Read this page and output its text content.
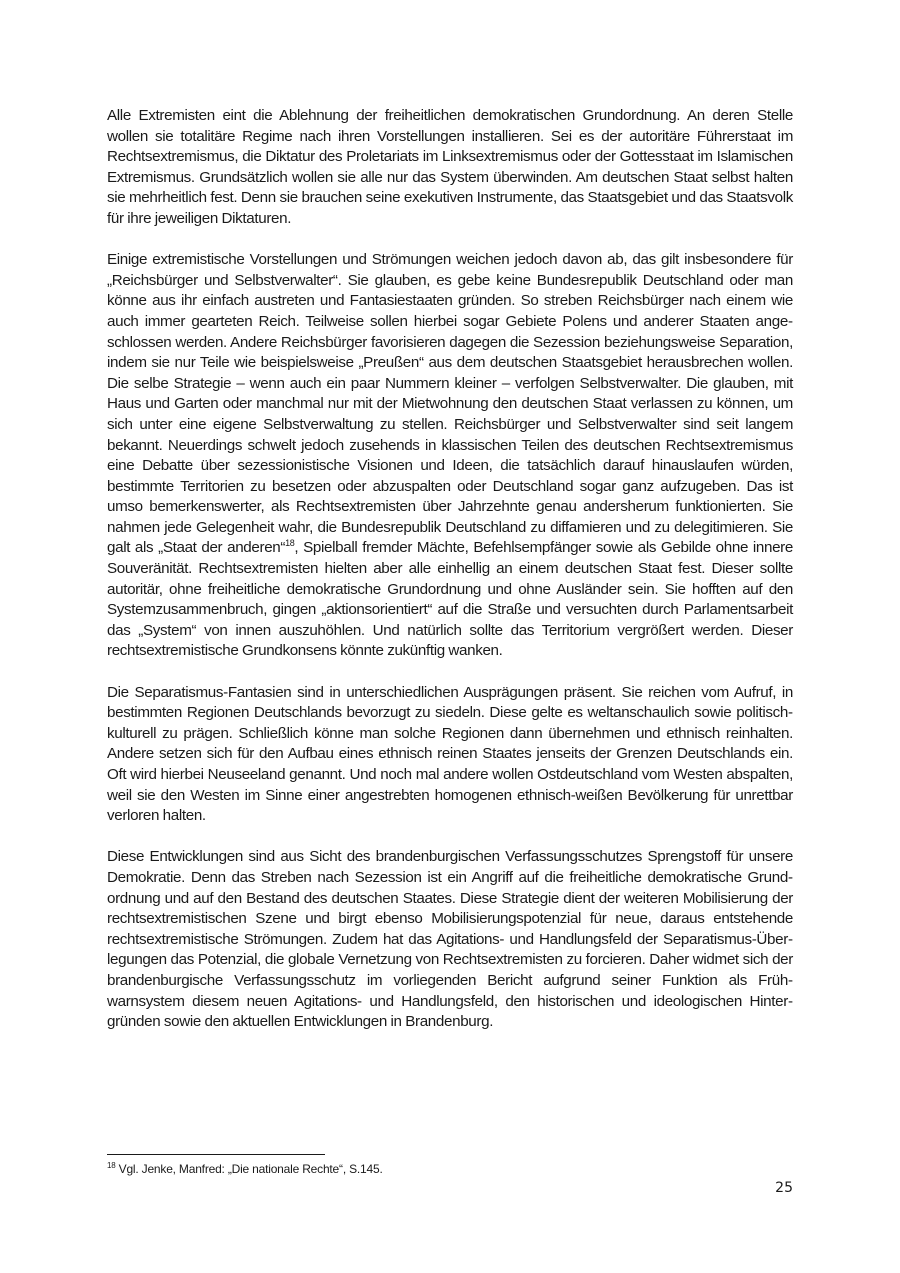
Alle Extremisten eint die Ablehnung der freiheitlichen demokratischen Grundordnung. An deren Stelle wollen sie totalitäre Regime nach ihren Vorstellungen installieren. Sei es der autoritäre Führerstaat im Rechtsextremismus, die Diktatur des Proletariats im Linksextremismus oder der Gottesstaat im Islamischen Extremismus. Grundsätzlich wollen sie alle nur das System überwinden. Am deutschen Staat selbst halten sie mehrheitlich fest. Denn sie brauchen seine exekutiven Instrumente, das Staatsgebiet und das Staatsvolk für ihre jeweiligen Diktaturen.

Einige extremistische Vorstellungen und Strömungen weichen jedoch davon ab, das gilt insbesondere für „Reichsbürger und Selbstverwalter“. Sie glauben, es gebe keine Bundesrepublik Deutschland oder man könne aus ihr einfach austreten und Fantasiestaaten gründen. So streben Reichsbürger nach einem wie auch immer gearteten Reich. Teilweise sollen hierbei sogar Gebiete Polens und anderer Staaten angeschlossen werden. Andere Reichsbürger favorisieren dagegen die Sezession beziehungsweise Separation, indem sie nur Teile wie beispielsweise „Preußen“ aus dem deutschen Staatsgebiet herausbrechen wollen. Die selbe Strategie – wenn auch ein paar Nummern kleiner – verfolgen Selbstverwalter. Die glauben, mit Haus und Garten oder manchmal nur mit der Mietwohnung den deutschen Staat verlassen zu können, um sich unter eine eigene Selbstverwaltung zu stellen. Reichsbürger und Selbstverwalter sind seit langem bekannt. Neuerdings schwelt jedoch zusehends in klassischen Teilen des deutschen Rechtsextremismus eine Debatte über sezessionistische Visionen und Ideen, die tatsächlich darauf hinauslaufen würden, bestimmte Territorien zu besetzen oder abzuspalten oder Deutschland sogar ganz aufzugeben. Das ist umso bemerkenswerter, als Rechtsextremisten über Jahrzehnte genau andersherum funktionierten. Sie nahmen jede Gelegenheit wahr, die Bundesrepublik Deutschland zu diffamieren und zu delegitimieren. Sie galt als „Staat der anderen“$^{18}$, Spielball fremder Mächte, Befehlsempfänger sowie als Gebilde ohne innere Souveränität. Rechtsextremisten hielten aber alle einhellig an einem deutschen Staat fest. Dieser sollte autoritär, ohne freiheitliche demokratische Grundordnung und ohne Ausländer sein. Sie hofften auf den Systemzusammenbruch, gingen „aktionsorientiert“ auf die Straße und versuchten durch Parlamentsarbeit das „System“ von innen auszuhöhlen. Und natürlich sollte das Territorium vergrößert werden. Dieser rechtsextremistische Grundkonsens könnte zukünftig wanken.

Die Separatismus-Fantasien sind in unterschiedlichen Ausprägungen präsent. Sie reichen vom Aufruf, in bestimmten Regionen Deutschlands bevorzugt zu siedeln. Diese gelte es weltanschaulich sowie politischkulturell zu prägen. Schließlich könne man solche Regionen dann übernehmen und ethnisch reinhalten. Andere setzen sich für den Aufbau eines ethnisch reinen Staates jenseits der Grenzen Deutschlands ein. Oft wird hierbei Neuseeland genannt. Und noch mal andere wollen Ostdeutschland vom Westen abspalten, weil sie den Westen im Sinne einer angestrebten homogenen ethnisch-weißen Bevölkerung für unrettbar verloren halten.

Diese Entwicklungen sind aus Sicht des brandenburgischen Verfassungsschutzes Sprengstoff für unsere Demokratie. Denn das Streben nach Sezession ist ein Angriff auf die freiheitliche demokratische Grundordnung und auf den Bestand des deutschen Staates. Diese Strategie dient der weiteren Mobilisierung der rechtsextremistischen Szene und birgt ebenso Mobilisierungspotenzial für neue, daraus entstehende rechtsextremistische Strömungen. Zudem hat das Agitations- und Handlungsfeld der Separatismus-Überlegungen das Potenzial, die globale Vernetzung von Rechtsextremisten zu forcieren. Daher widmet sich der brandenburgische Verfassungsschutz im vorliegenden Bericht aufgrund seiner Funktion als Frühwarnsystem diesem neuen Agitations- und Handlungsfeld, den historischen und ideologischen Hintergründen sowie den aktuellen Entwicklungen in Brandenburg.

$^{18}$ Vgl. Jenke, Manfred: „Die nationale Rechte“, S.145.
25
